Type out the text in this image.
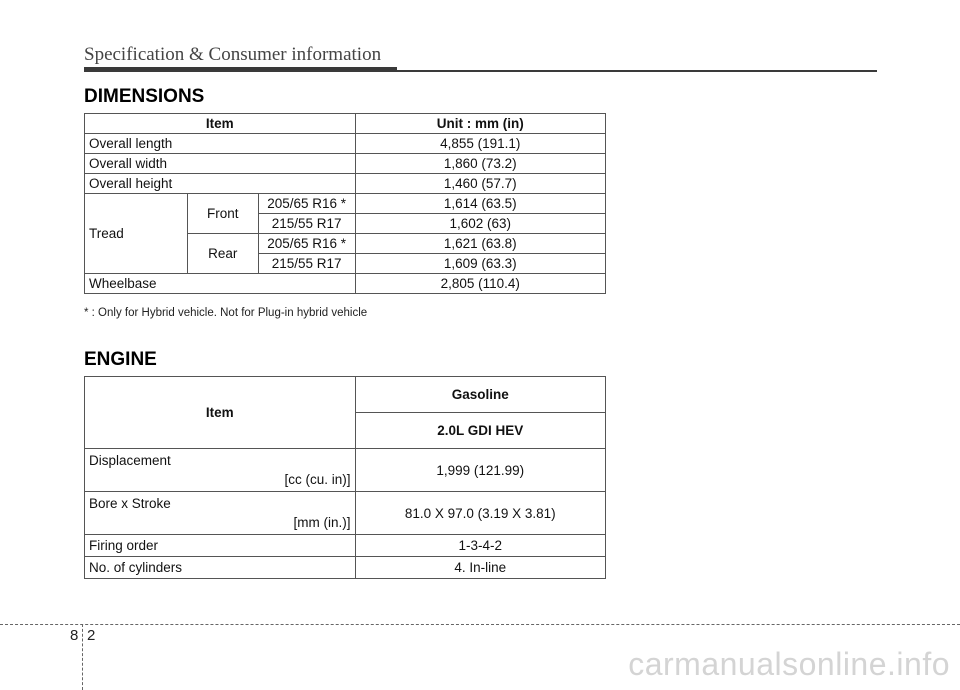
Specification & Consumer information
DIMENSIONS
Item			Unit : mm (in)
Overall length			4,855 (191.1)
Overall width			1,860 (73.2)
Overall height			1,460 (57.7)
Tread	Front	205/65 R16 *	1,614 (63.5)
		215/55 R17	1,602 (63)
	Rear	205/65 R16 *	1,621 (63.8)
		215/55 R17	1,609 (63.3)
Wheelbase			2,805 (110.4)
* : Only for Hybrid vehicle. Not for Plug-in hybrid vehicle
ENGINE
Item	Gasoline
	2.0L GDI HEV
Displacement
[cc (cu. in)]	1,999 (121.99)
Bore x Stroke
[mm (in.)]	81.0 X 97.0 (3.19 X 3.81)
Firing order	1-3-4-2
No. of cylinders	4. In-line
8 2
carmanualsonline.info
